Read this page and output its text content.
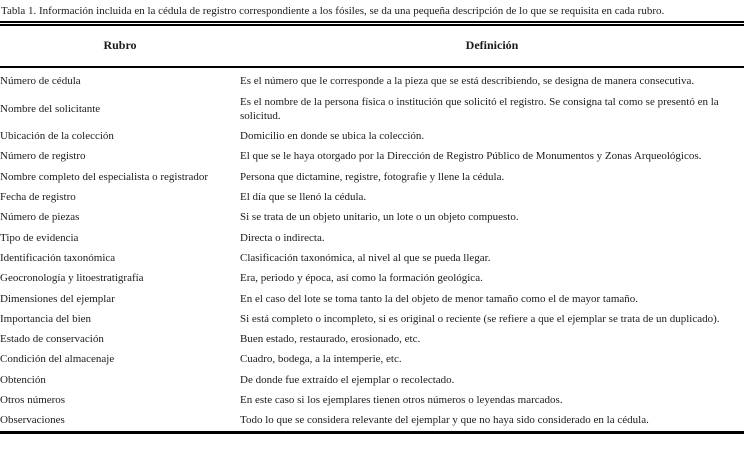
Tabla 1. Información incluida en la cédula de registro correspondiente a los fósiles, se da una pequeña descripción de lo que se requisita en cada rubro.
Rubro	Definición
Número de cédula	Es el número que le corresponde a la pieza que se está describiendo, se designa de manera consecutiva.
Nombre del solicitante	Es el nombre de la persona física o institución que solicitó el registro. Se consigna tal como se presentó en la solicitud.
Ubicación de la colección	Domicilio en donde se ubica la colección.
Número de registro	El que se le haya otorgado por la Dirección de Registro Público de Monumentos y Zonas Arqueológicos.
Nombre completo del especialista o registrador	Persona que dictamine, registre, fotografie y llene la cédula.
Fecha de registro	El día que se llenó la cédula.
Número de piezas	Si se trata de un objeto unitario, un lote o un objeto compuesto.
Tipo de evidencia	Directa o indirecta.
Identificación taxonómica	Clasificación taxonómica, al nivel al que se pueda llegar.
Geocronología y litoestratigrafía	Era, periodo y época, así como la formación geológica.
Dimensiones del ejemplar	En el caso del lote se toma tanto la del objeto de menor tamaño como el de mayor tamaño.
Importancia del bien	Si está completo o incompleto, si es original o reciente (se refiere a que el ejemplar se trata de un duplicado).
Estado de conservación	Buen estado, restaurado, erosionado, etc.
Condición del almacenaje	Cuadro, bodega, a la intemperie, etc.
Obtención	De donde fue extraído el ejemplar o recolectado.
Otros números	En este caso si los ejemplares tienen otros números o leyendas marcados.
Observaciones	Todo lo que se considera relevante del ejemplar y que no haya sido considerado en la cédula.
